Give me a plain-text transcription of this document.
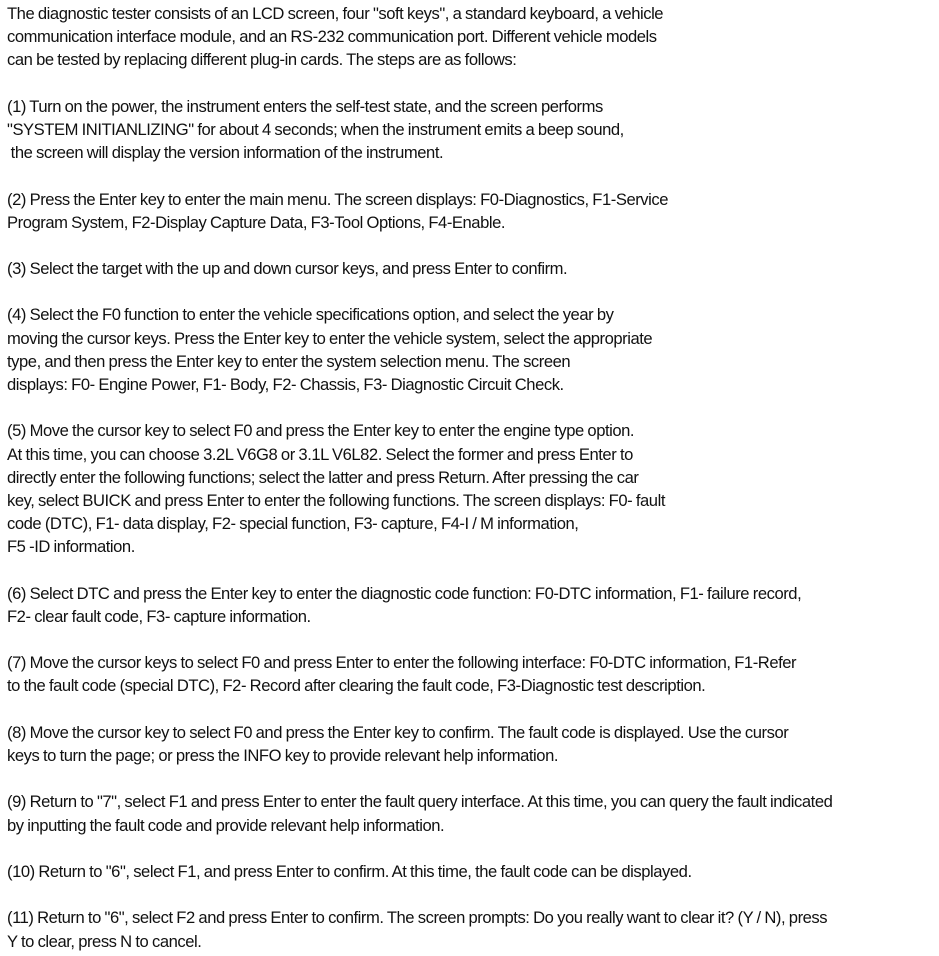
The diagnostic tester consists of an LCD screen, four "soft keys", a standard keyboard, a vehicle
communication interface module, and an RS-232 communication port. Different vehicle models
can be tested by replacing different plug-in cards. The steps are as follows:
(1) Turn on the power, the instrument enters the self-test state, and the screen performs
"SYSTEM INITIANLIZING" for about 4 seconds; when the instrument emits a beep sound,
the screen will display the version information of the instrument.
(2) Press the Enter key to enter the main menu. The screen displays: F0-Diagnostics, F1-Service
Program System, F2-Display Capture Data, F3-Tool Options, F4-Enable.
(3) Select the target with the up and down cursor keys, and press Enter to confirm.
(4) Select the F0 function to enter the vehicle specifications option, and select the year by
moving the cursor keys. Press the Enter key to enter the vehicle system, select the appropriate
type, and then press the Enter key to enter the system selection menu. The screen
displays: F0- Engine Power, F1- Body, F2- Chassis, F3- Diagnostic Circuit Check.
(5) Move the cursor key to select F0 and press the Enter key to enter the engine type option.
At this time, you can choose 3.2L V6G8 or 3.1L V6L82. Select the former and press Enter to
directly enter the following functions; select the latter and press Return. After pressing the car
key, select BUICK and press Enter to enter the following functions. The screen displays: F0- fault
code (DTC), F1- data display, F2- special function, F3- capture, F4-I / M information,
F5 -ID information.
(6) Select DTC and press the Enter key to enter the diagnostic code function: F0-DTC information, F1- failure record,
F2- clear fault code, F3- capture information.
(7) Move the cursor keys to select F0 and press Enter to enter the following interface: F0-DTC information, F1-Refer
to the fault code (special DTC), F2- Record after clearing the fault code, F3-Diagnostic test description.
(8) Move the cursor key to select F0 and press the Enter key to confirm. The fault code is displayed. Use the cursor
keys to turn the page; or press the INFO key to provide relevant help information.
(9) Return to "7", select F1 and press Enter to enter the fault query interface. At this time, you can query the fault indicated
by inputting the fault code and provide relevant help information.
(10) Return to "6", select F1, and press Enter to confirm. At this time, the fault code can be displayed.
(11) Return to "6", select F2 and press Enter to confirm. The screen prompts: Do you really want to clear it? (Y / N), press
Y to clear, press N to cancel.
